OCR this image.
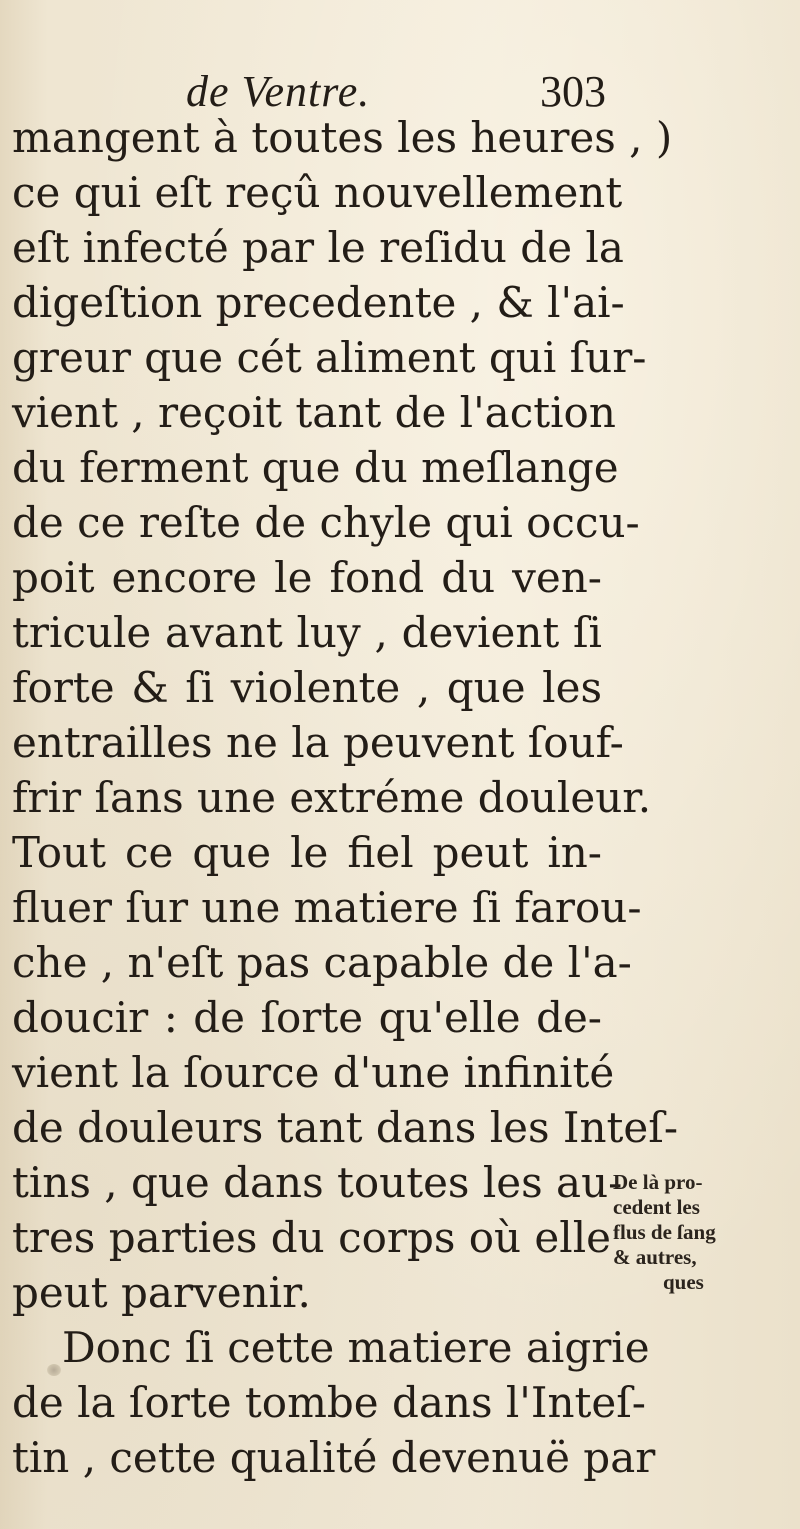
de Ventre.	303
mangent à toutes les heures , )
ce qui eſt reçû nouvellement
eſt infecté par le reſidu de la
digeſtion precedente , & l'ai-
greur que cét aliment qui ſur-
vient , reçoit tant de l'action
du ferment que du meſlange
de ce reſte de chyle qui occu-
poit encore le fond du ven-
tricule avant luy , devient ſi
forte & ſi violente , que les
entrailles ne la peuvent ſouf-
frir ſans une extréme douleur.
Tout ce que le fiel peut in-
fluer ſur une matiere ſi farou-
che , n'eſt pas capable de l'a-
doucir : de ſorte qu'elle de-
vient la ſource d'une infinité
de douleurs tant dans les Inteſ-
tins , que dans toutes les au-
tres parties du corps où elle
peut parvenir.
Donc ſi cette matiere aigrie
de la ſorte tombe dans l'Inteſ-
tin , cette qualité devenuë par
De là pro-
cedent les
flus de ſang
& autres,
ques
